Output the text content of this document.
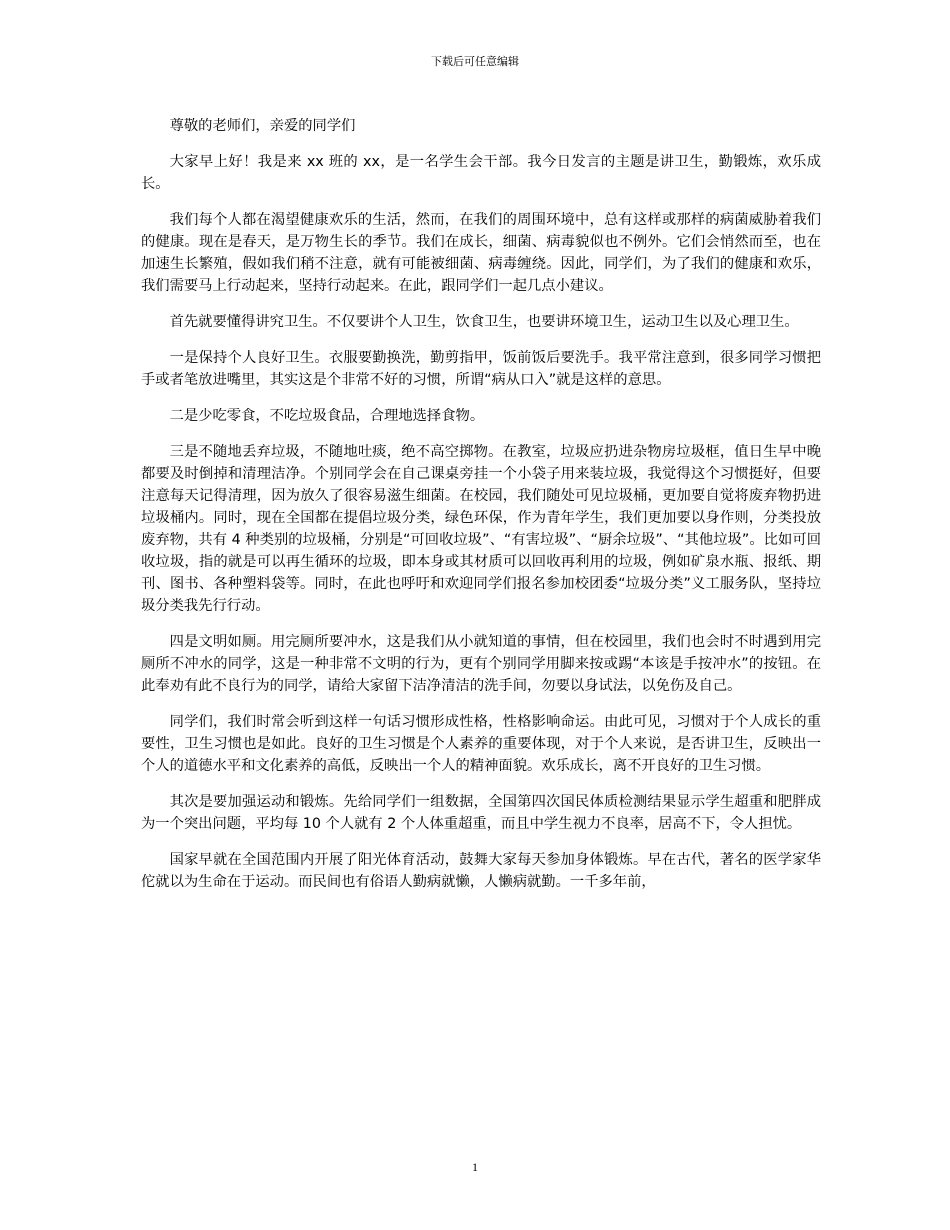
下载后可任意编辑

尊敬的老师们，亲爱的同学们

大家早上好！我是来 xx 班的 xx，是一名学生会干部。我今日发言的主题是讲卫生，勤锻炼，欢乐成长。

我们每个人都在渴望健康欢乐的生活，然而，在我们的周围环境中，总有这样或那样的病菌威胁着我们的健康。现在是春天，是万物生长的季节。我们在成长，细菌、病毒貌似也不例外。它们会悄然而至，也在加速生长繁殖，假如我们稍不注意，就有可能被细菌、病毒缠绕。因此，同学们，为了我们的健康和欢乐，我们需要马上行动起来，坚持行动起来。在此，跟同学们一起几点小建议。

首先就要懂得讲究卫生。不仅要讲个人卫生，饮食卫生，也要讲环境卫生，运动卫生以及心理卫生。

一是保持个人良好卫生。衣服要勤换洗，勤剪指甲，饭前饭后要洗手。我平常注意到，很多同学习惯把手或者笔放进嘴里，其实这是个非常不好的习惯，所谓“病从口入”就是这样的意思。

二是少吃零食，不吃垃圾食品，合理地选择食物。

三是不随地丢弃垃圾，不随地吐痰，绝不高空掷物。在教室，垃圾应扔进杂物房垃圾框，值日生早中晚都要及时倒掉和清理洁净。个别同学会在自己课桌旁挂一个小袋子用来装垃圾，我觉得这个习惯挺好，但要注意每天记得清理，因为放久了很容易滋生细菌。在校园，我们随处可见垃圾桶，更加要自觉将废弃物扔进垃圾桶内。同时，现在全国都在提倡垃圾分类，绿色环保，作为青年学生，我们更加要以身作则，分类投放废弃物，共有 4 种类别的垃圾桶，分别是“可回收垃圾”、“有害垃圾”、“厨余垃圾”、“其他垃圾”。比如可回收垃圾，指的就是可以再生循环的垃圾，即本身或其材质可以回收再利用的垃圾，例如矿泉水瓶、报纸、期刊、图书、各种塑料袋等。同时，在此也呼吁和欢迎同学们报名参加校团委“垃圾分类”义工服务队，坚持垃圾分类我先行行动。

四是文明如厕。用完厕所要冲水，这是我们从小就知道的事情，但在校园里，我们也会时不时遇到用完厕所不冲水的同学，这是一种非常不文明的行为，更有个别同学用脚来按或踢“本该是手按冲水”的按钮。在此奉劝有此不良行为的同学，请给大家留下洁净清洁的洗手间，勿要以身试法，以免伤及自己。

同学们，我们时常会听到这样一句话习惯形成性格，性格影响命运。由此可见，习惯对于个人成长的重要性，卫生习惯也是如此。良好的卫生习惯是个人素养的重要体现，对于个人来说，是否讲卫生，反映出一个人的道德水平和文化素养的高低，反映出一个人的精神面貌。欢乐成长，离不开良好的卫生习惯。

其次是要加强运动和锻炼。先给同学们一组数据，全国第四次国民体质检测结果显示学生超重和肥胖成为一个突出问题，平均每 10 个人就有 2 个人体重超重，而且中学生视力不良率，居高不下，令人担忧。

国家早就在全国范围内开展了阳光体育活动，鼓舞大家每天参加身体锻炼。早在古代，著名的医学家华佗就以为生命在于运动。而民间也有俗语人勤病就懒，人懒病就勤。一千多年前，

1
